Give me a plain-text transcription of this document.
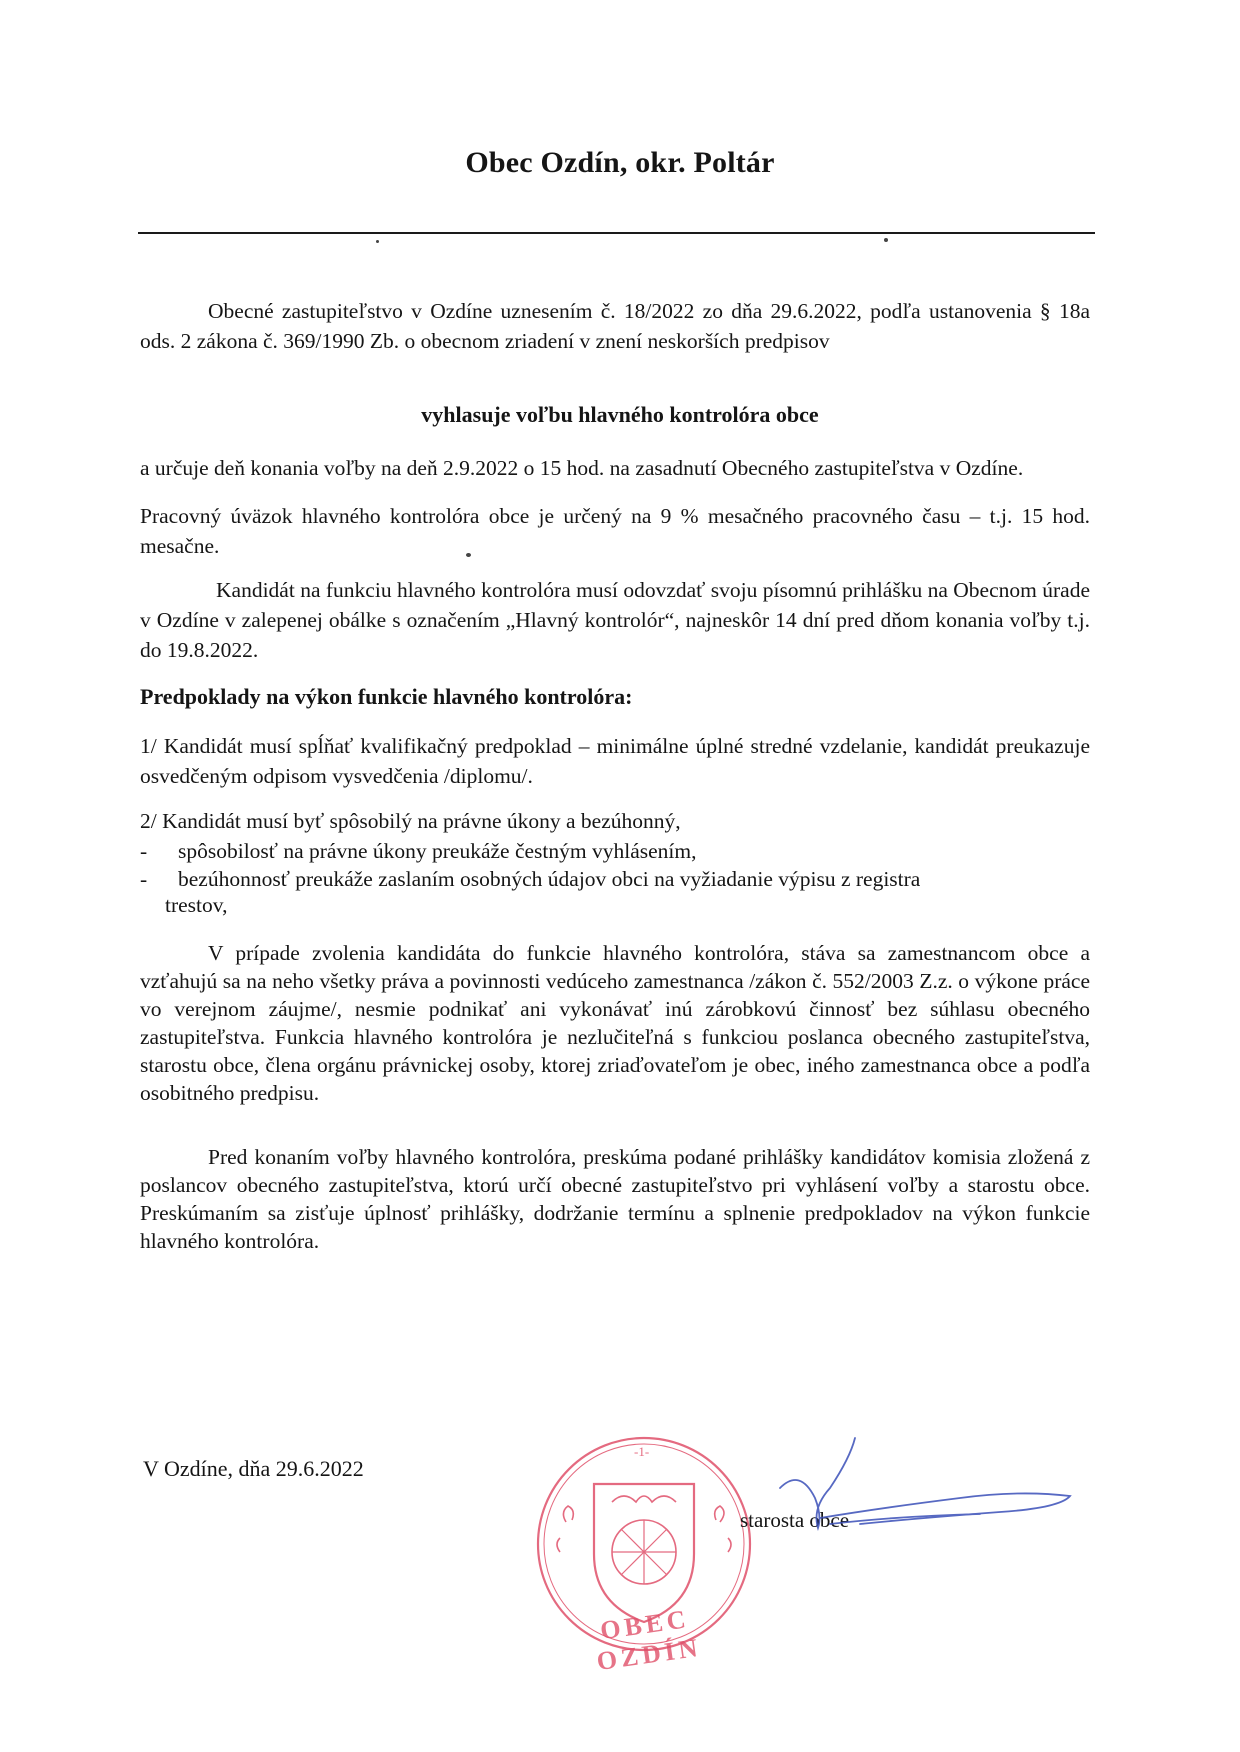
Obec Ozdín, okr. Poltár
Obecné zastupiteľstvo v Ozdíne uznesením č. 18/2022 zo dňa 29.6.2022, podľa ustanovenia § 18a ods. 2 zákona č. 369/1990 Zb. o obecnom zriadení v znení neskorších predpisov
vyhlasuje voľbu hlavného kontrolóra obce
a určuje deň konania voľby na deň 2.9.2022 o 15 hod. na zasadnutí Obecného zastupiteľstva v Ozdíne.
Pracovný úväzok hlavného kontrolóra obce je určený na 9 % mesačného pracovného času – t.j. 15 hod. mesačne.
Kandidát na funkciu hlavného kontrolóra musí odovzdať svoju písomnú prihlášku na Obecnom úrade v Ozdíne v zalepenej obálke s označením „Hlavný kontrolór“, najneskôr 14 dní pred dňom konania voľby t.j. do 19.8.2022.
Predpoklady na výkon funkcie hlavného kontrolóra:
1/ Kandidát musí spĺňať kvalifikačný predpoklad – minimálne úplné stredné vzdelanie, kandidát preukazuje osvedčeným odpisom vysvedčenia /diplomu/.
2/ Kandidát musí byť spôsobilý na právne úkony a bezúhonný,
- spôsobilosť na právne úkony preukáže čestným vyhlásením,
- bezúhonnosť preukáže zaslaním osobných údajov obci na vyžiadanie výpisu z registra
trestov,
V prípade zvolenia kandidáta do funkcie hlavného kontrolóra, stáva sa zamestnancom obce a vzťahujú sa na neho všetky práva a povinnosti vedúceho zamestnanca /zákon č. 552/2003 Z.z. o výkone práce vo verejnom záujme/, nesmie podnikať ani vykonávať inú zárobkovú činnosť bez súhlasu obecného zastupiteľstva. Funkcia hlavného kontrolóra je nezlučiteľná s funkciou poslanca obecného zastupiteľstva, starostu obce, člena orgánu právnickej osoby, ktorej zriaďovateľom je obec, iného zamestnanca obce a podľa osobitného predpisu.
Pred konaním voľby hlavného kontrolóra, preskúma podané prihlášky kandidátov komisia zložená z poslancov obecného zastupiteľstva, ktorú určí obecné zastupiteľstvo pri vyhlásení voľby a starostu obce. Preskúmaním sa zisťuje úplnosť prihlášky, dodržanie termínu a splnenie predpokladov na výkon funkcie hlavného kontrolóra.
V Ozdíne, dňa 29.6.2022
-1-
OBEC OZDÍN
starosta obce
